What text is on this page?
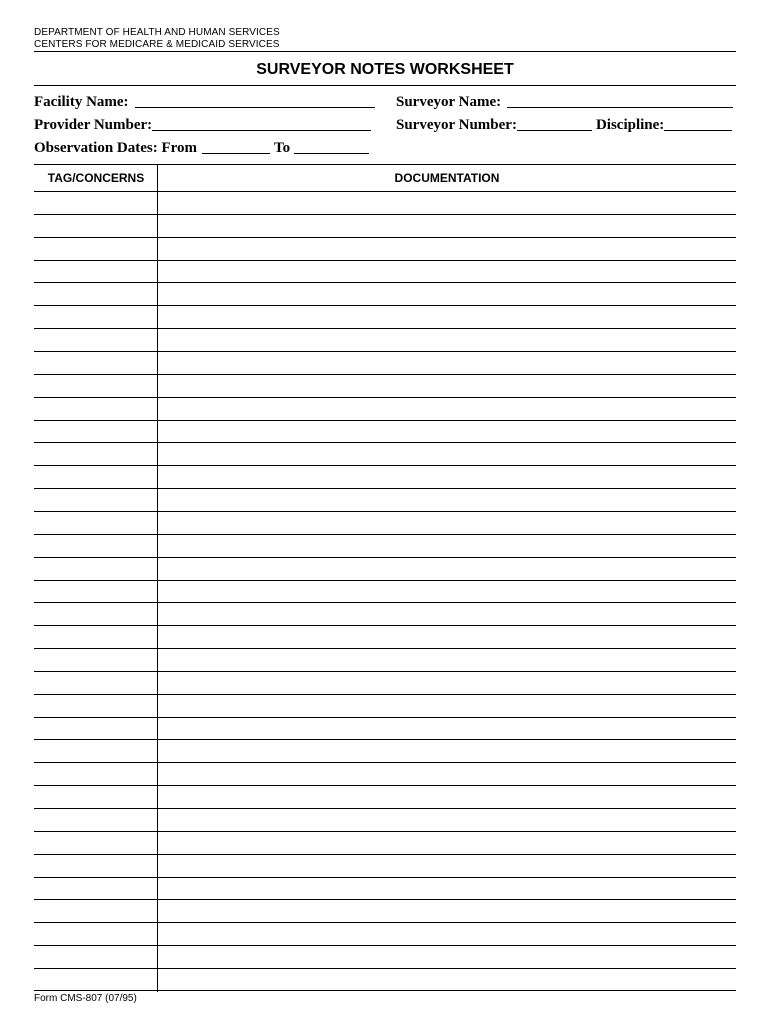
DEPARTMENT OF HEALTH AND HUMAN SERVICES
CENTERS FOR MEDICARE & MEDICAID SERVICES
SURVEYOR NOTES WORKSHEET
Facility Name:	Surveyor Name:
Provider Number:	Surveyor Number:	Discipline:
Observation Dates: From	To
TAG/CONCERNS	DOCUMENTATION
Form CMS-807 (07/95)
